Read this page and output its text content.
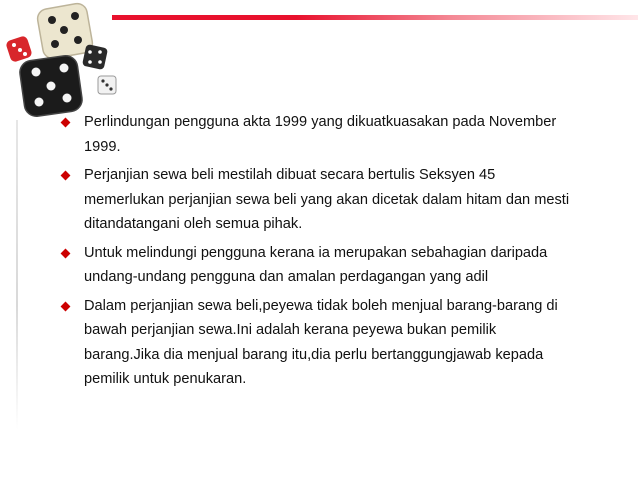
Perlindungan pengguna akta 1999 yang dikuatkuasakan pada November
1999.
Perjanjian sewa beli mestilah dibuat secara bertulis Seksyen 45
memerlukan perjanjian sewa beli yang akan dicetak dalam hitam dan mesti
ditandatangani oleh semua pihak.
Untuk melindungi pengguna kerana ia merupakan sebahagian daripada
undang-undang pengguna dan amalan perdagangan yang adil
Dalam perjanjian sewa beli,peyewa tidak boleh menjual barang-barang di
bawah perjanjian sewa.Ini adalah kerana peyewa bukan pemilik
barang.Jika dia menjual barang itu,dia perlu bertanggungjawab kepada
pemilik untuk penukaran.
